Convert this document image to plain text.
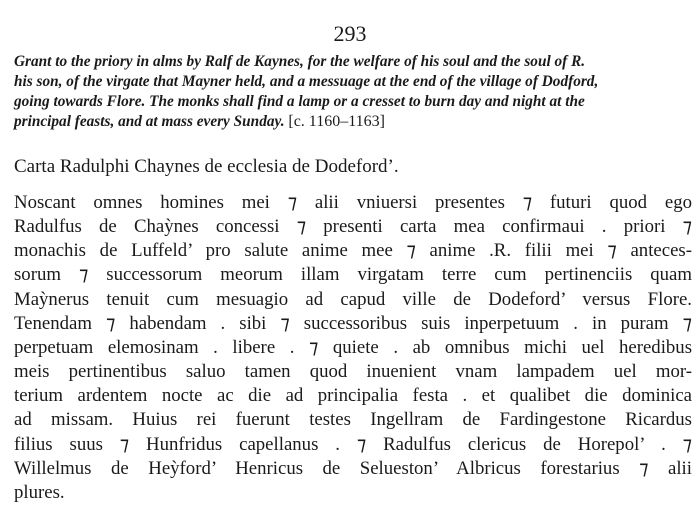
293
Grant to the priory in alms by Ralf de Kaynes, for the welfare of his soul and the soul of R.
his son, of the virgate that Mayner held, and a messuage at the end of the village of Dodford,
going towards Flore. The monks shall find a lamp or a cresset to burn day and night at the
principal feasts, and at mass every Sunday. [c. 1160–1163]
Carta Radulphi Chaynes de ecclesia de Dodeford’.
Noscant omnes homines mei ⁊ alii vniuersi presentes ⁊ futuri quod ego
Radulfus de Chaỳnes concessi ⁊ presenti carta mea confirmaui . priori ⁊
monachis de Luffeld’ pro salute anime mee ⁊ anime .R. filii mei ⁊ anteces-
sorum ⁊ successorum meorum illam virgatam terre cum pertinenciis quam
Maỳnerus tenuit cum mesuagio ad capud ville de Dodeford’ versus Flore.
Tenendam ⁊ habendam . sibi ⁊ successoribus suis inperpetuum . in puram ⁊
perpetuam elemosinam . libere . ⁊ quiete . ab omnibus michi uel heredibus
meis pertinentibus saluo tamen quod inuenient vnam lampadem uel mor-
terium ardentem nocte ac die ad principalia festa . et qualibet die dominica
ad missam. Huius rei fuerunt testes Ingellram de Fardingestone Ricardus
filius suus ⁊ Hunfridus capellanus . ⁊ Radulfus clericus de Horepol’ . ⁊
Willelmus de Heỳford’ Henricus de Selueston’ Albricus forestarius ⁊ alii
plures.
